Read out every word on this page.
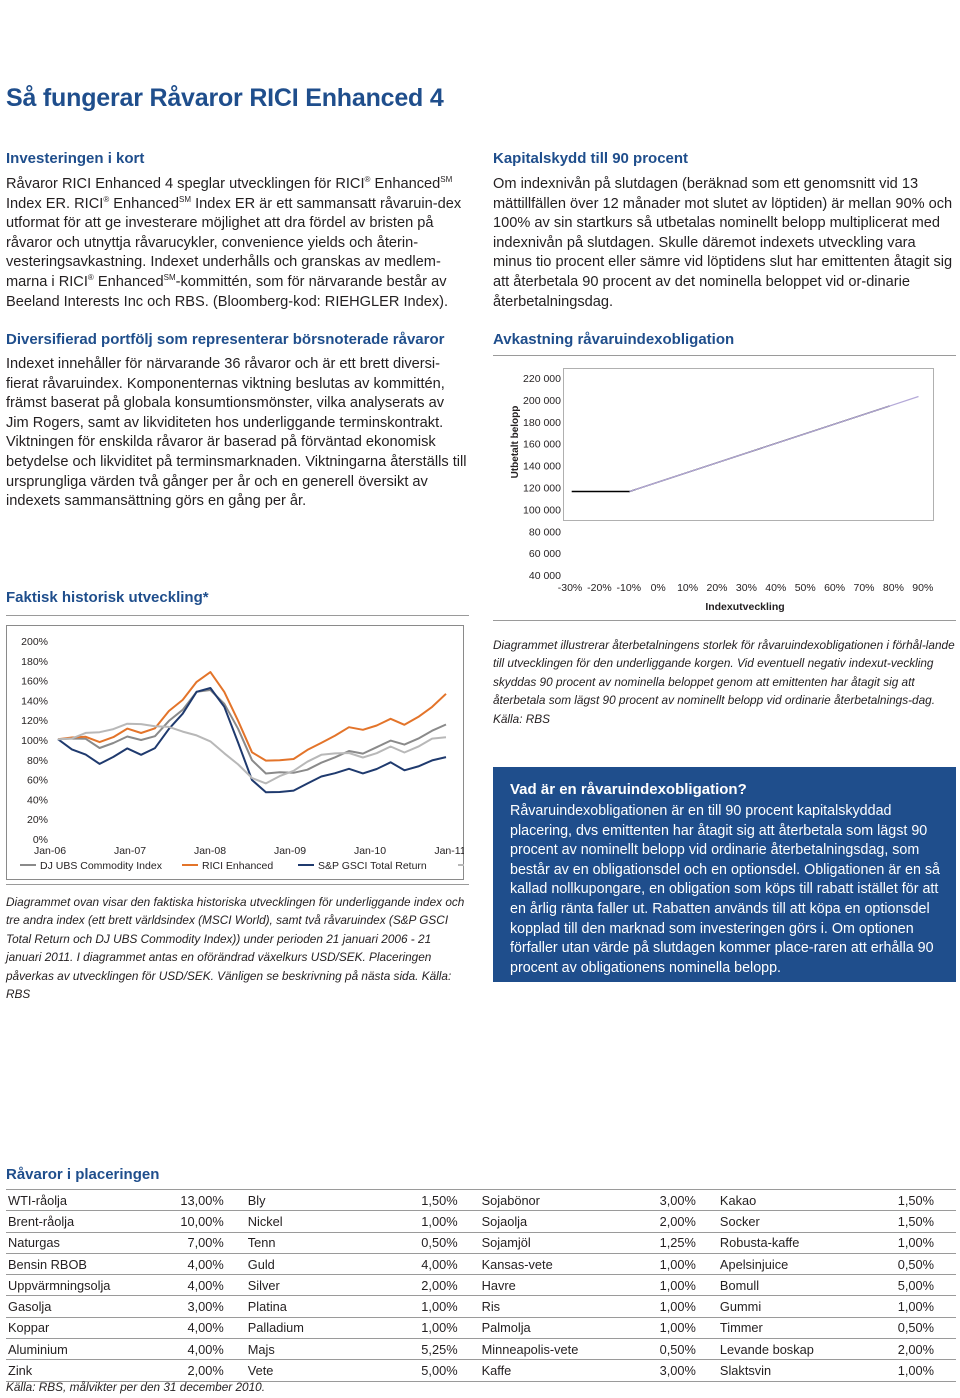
Så fungerar Råvaror RICI Enhanced 4
Investeringen i kort

Råvaror RICI Enhanced 4 speglar utvecklingen för RICI® Enhanced℠ Index ER. RICI® Enhanced℠ Index ER är ett sammansatt råvaruin-dex utformat för att ge investerare möjlighet att dra fördel av bristen på råvaror och utnyttja råvarucykler, convenience yields och återin-vesteringsavkastning. Indexet underhålls och granskas av medlem-marna i RICI® Enhanced℠-kommittén, som för närvarande består av Beeland Interests Inc och RBS. (Bloomberg-kod: RIEHGLER Index).

Diversifierad portfölj som representerar börsnoterade råvaror

Indexet innehåller för närvarande 36 råvaror och är ett brett diversi-fierat råvaruindex. Komponenternas viktning beslutas av kommittén, främst baserat på globala konsumtionsmönster, vilka analyserats av Jim Rogers, samt av likviditeten hos underliggande terminskontrakt. Viktningen för enskilda råvaror är baserad på förväntad ekonomisk betydelse och likviditet på terminsmarknaden. Viktningarna återställs till ursprungliga värden två gånger per år och en generell översikt av indexets sammansättning görs en gång per år.

Kapitalskydd till 90 procent

Om indexnivån på slutdagen (beräknad som ett genomsnitt vid 13 mättillfällen över 12 månader mot slutet av löptiden) är mellan 90% och 100% av sin startkurs så utbetalas nominellt belopp multiplicerat med indexnivån på slutdagen. Skulle däremot indexets utveckling vara minus tio procent eller sämre vid löptidens slut har emittenten åtagit sig att återbetala 90 procent av det nominella beloppet vid or-dinarie återbetalningsdag.

Avkastning råvaruindexobligation
220 000
200 000
180 000
160 000
140 000
120 000
100 000
80 000
60 000
40 000
-30% -20% -10% 0% 10% 20% 30% 40% 50% 60% 70% 80% 90%
Utbetalt belopp
Indexutveckling

Diagrammet illustrerar återbetalningens storlek för råvaruindexobligationen i förhål-lande till utvecklingen för den underliggande korgen. Vid eventuell negativ indexut-veckling skyddas 90 procent av nominella beloppet genom att emittenten har åtagit sig att återbetala som lägst 90 procent av nominellt belopp vid ordinarie återbetalnings-dag. Källa: RBS

Faktisk historisk utveckling*
200%
180%
160%
140%
120%
100%
80%
60%
40%
20%
0%
Jan-06	Jan-07	Jan-08	Jan-09	Jan-10	Jan-11
DJ UBS Commodity Index	RICI Enhanced	S&P GSCI Total Return

Diagrammet ovan visar den faktiska historiska utvecklingen för underliggande index och tre andra index (ett brett världsindex (MSCI World), samt två råvaruindex (S&P GSCI Total Return och DJ UBS Commodity Index)) under perioden 21 januari 2006 - 21 januari 2011. I diagrammet antas en oförändrad växelkurs USD/SEK. Placeringen påverkas av utvecklingen för USD/SEK. Vänligen se beskrivning på nästa sida. Källa: RBS

Vad är en råvaruindexobligation?

Råvaruindexobligationen är en till 90 procent kapitalskyddad placering, dvs emittenten har åtagit sig att återbetala som lägst 90 procent av nominellt belopp vid ordinarie återbetalningsdag, som består av en obligationsdel och en optionsdel. Obligationen är en så kallad nollkupongare, en obligation som köps till rabatt istället för att en årlig ränta faller ut. Rabatten används till att köpa en optionsdel kopplad till den marknad som investeringen görs i. Om optionen förfaller utan värde på slutdagen kommer place-raren att erhålla 90 procent av obligationens nominella belopp.

Råvaror i placeringen
WTI-råolja	13,00%	Bly	1,50%	Sojabönor	3,00%	Kakao	1,50%
Brent-råolja	10,00%	Nickel	1,00%	Sojaolja	2,00%	Socker	1,50%
Naturgas	7,00%	Tenn	0,50%	Sojamjöl	1,25%	Robusta-kaffe	1,00%
Bensin RBOB	4,00%	Guld	4,00%	Kansas-vete	1,00%	Apelsinjuice	0,50%
Uppvärmningsolja	4,00%	Silver	2,00%	Havre	1,00%	Bomull	5,00%
Gasolja	3,00%	Platina	1,00%	Ris	1,00%	Gummi	1,00%
Koppar	4,00%	Palladium	1,00%	Palmolja	1,00%	Timmer	0,50%
Aluminium	4,00%	Majs	5,25%	Minneapolis-vete	0,50%	Levande boskap	2,00%
Zink	2,00%	Vete	5,00%	Kaffe	3,00%	Slaktsvin	1,00%
Källa: RBS, målvikter per den 31 december 2010.
